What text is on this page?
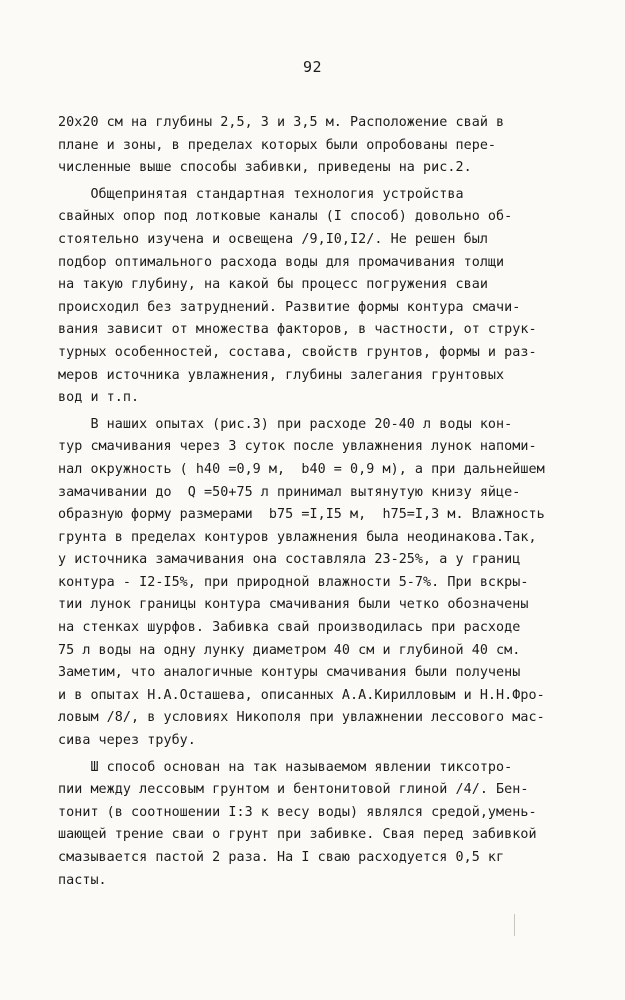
92
20х20 см на глубины 2,5, 3 и 3,5 м. Расположение свай в
плане и зоны, в пределах которых были опробованы пере-
численные выше способы забивки, приведены на рис.2.
Общепринятая стандартная технология устройства
свайных опор под лотковые каналы (I способ) довольно об-
стоятельно изучена и освещена /9,I0,I2/. Не решен был
подбор оптимального расхода воды для промачивания толщи
на такую глубину, на какой бы процесс погружения сваи
происходил без затруднений. Развитие формы контура смачи-
вания зависит от множества факторов, в частности, от струк-
турных особенностей, состава, свойств грунтов, формы и раз-
меров источника увлажнения, глубины залегания грунтовых
вод и т.п.
В наших опытах (рис.3) при расходе 20-40 л воды кон-
тур смачивания через 3 суток после увлажнения лунок напоми-
нал окружность ( h40 =0,9 м,  b40 = 0,9 м), а при дальнейшем
замачивании до  Q =50+75 л принимал вытянутую книзу яйце-
образную форму размерами  b75 =I,I5 м,  h75=I,3 м. Влажность
грунта в пределах контуров увлажнения была неодинакова.Так,
у источника замачивания она составляла 23-25%, а у границ
контура - I2-I5%, при природной влажности 5-7%. При вскры-
тии лунок границы контура смачивания были четко обозначены
на стенках шурфов. Забивка свай производилась при расходе
75 л воды на одну лунку диаметром 40 см и глубиной 40 см.
Заметим, что аналогичные контуры смачивания были получены
и в опытах Н.А.Осташева, описанных А.А.Кирилловым и Н.Н.Фро-
ловым /8/, в условиях Никополя при увлажнении лессового мас-
сива через трубу.
Ш способ основан на так называемом явлении тиксотро-
пии между лессовым грунтом и бентонитовой глиной /4/. Бен-
тонит (в соотношении I:3 к весу воды) являлся средой,умень-
шающей трение сваи о грунт при забивке. Свая перед забивкой
смазывается пастой 2 раза. На I сваю расходуется 0,5 кг
пасты.
